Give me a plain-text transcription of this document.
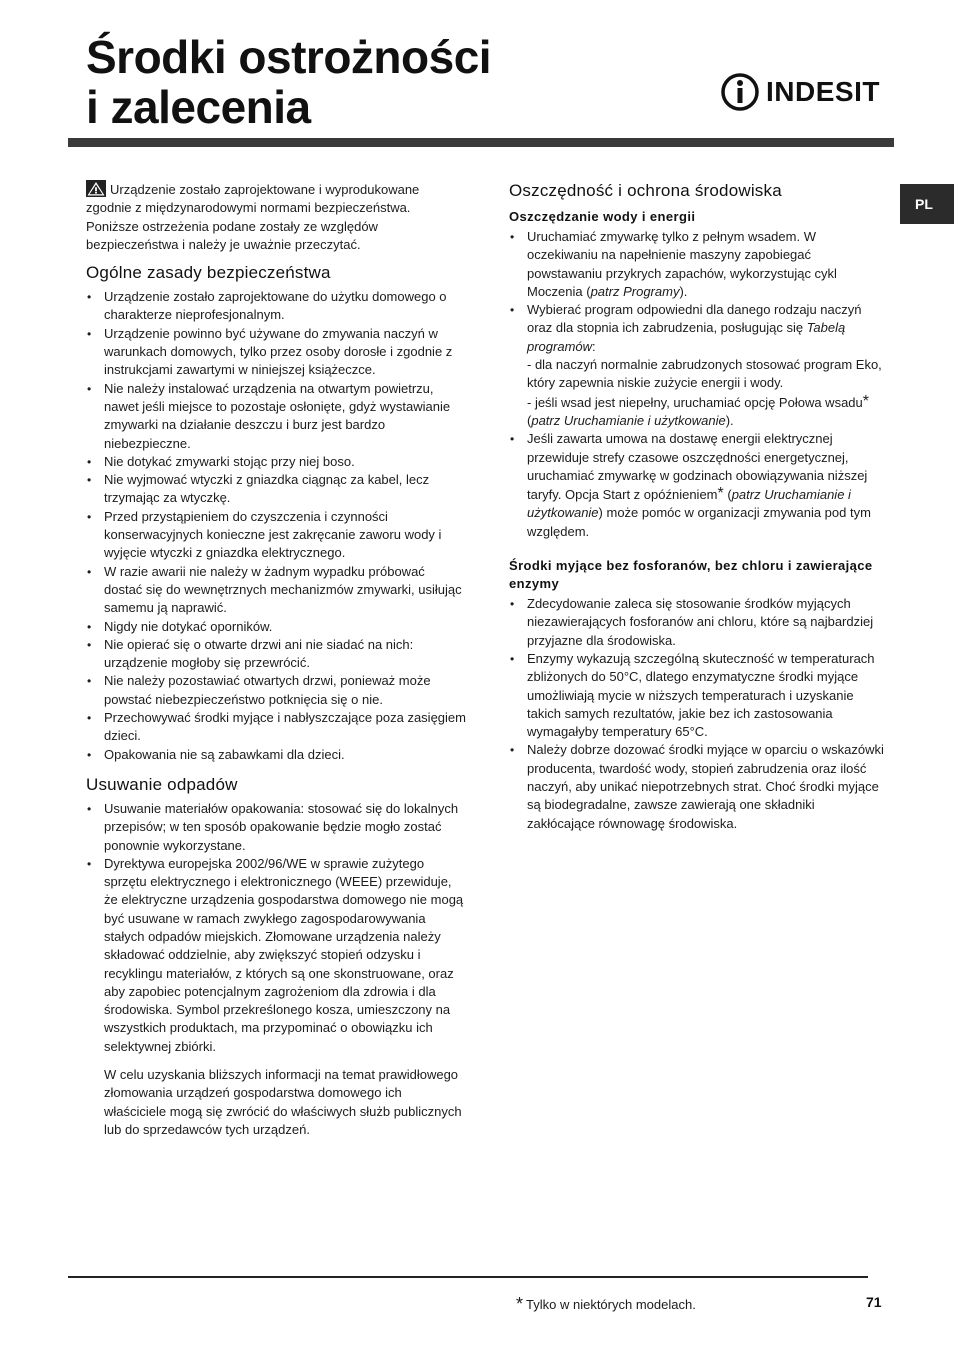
Środki ostrożności
i zalecenia	INDESIT
PL

Urządzenie zostało zaprojektowane i wyprodukowane zgodnie z międzynarodowymi normami bezpieczeństwa. Poniższe ostrzeżenia podane zostały ze względów bezpieczeństwa i należy je uważnie przeczytać.

Ogólne zasady bezpieczeństwa
• Urządzenie zostało zaprojektowane do użytku domowego o charakterze nieprofesjonalnym.
• Urządzenie powinno być używane do zmywania naczyń w warunkach domowych, tylko przez osoby dorosłe i zgodnie z instrukcjami zawartymi w niniejszej książeczce.
• Nie należy instalować urządzenia na otwartym powietrzu, nawet jeśli miejsce to pozostaje osłonięte, gdyż wystawianie zmywarki na działanie deszczu i burz jest bardzo niebezpieczne.
• Nie dotykać zmywarki stojąc przy niej boso.
• Nie wyjmować wtyczki z gniazdka ciągnąc za kabel, lecz trzymając za wtyczkę.
• Przed przystąpieniem do czyszczenia i czynności konserwacyjnych konieczne jest zakręcanie zaworu wody i wyjęcie wtyczki z gniazdka elektrycznego.
• W razie awarii nie należy w żadnym wypadku próbować dostać się do wewnętrznych mechanizmów zmywarki, usiłując samemu ją naprawić.
• Nigdy nie dotykać oporników.
• Nie opierać się o otwarte drzwi ani nie siadać na nich: urządzenie mogłoby się przewrócić.
• Nie należy pozostawiać otwartych drzwi, ponieważ może powstać niebezpieczeństwo potknięcia się o nie.
• Przechowywać środki myjące i nabłyszczające poza zasięgiem dzieci.
• Opakowania nie są zabawkami dla dzieci.
Usuwanie odpadów
• Usuwanie materiałów opakowania: stosować się do lokalnych przepisów; w ten sposób opakowanie będzie mogło zostać ponownie wykorzystane.
• Dyrektywa europejska 2002/96/WE w sprawie zużytego sprzętu elektrycznego i elektronicznego (WEEE) przewiduje, że elektryczne urządzenia gospodarstwa domowego nie mogą być usuwane w ramach zwykłego zagospodarowywania stałych odpadów miejskich. Złomowane urządzenia należy składować oddzielnie, aby zwiększyć stopień odzysku i recyklingu materiałów, z których są one skonstruowane, oraz aby zapobiec potencjalnym zagrożeniom dla zdrowia i dla środowiska. Symbol przekreślonego kosza, umieszczony na wszystkich produktach, ma przypominać o obowiązku ich selektywnej zbiórki.

W celu uzyskania bliższych informacji na temat prawidłowego złomowania urządzeń gospodarstwa domowego ich właściciele mogą się zwrócić do właściwych służb publicznych lub do sprzedawców tych urządzeń.

Oszczędność i ochrona środowiska
Oszczędzanie wody i energii
• Uruchamiać zmywarkę tylko z pełnym wsadem. W oczekiwaniu na napełnienie maszyny zapobiegać powstawaniu przykrych zapachów, wykorzystując cykl Moczenia (patrz Programy).
• Wybierać program odpowiedni dla danego rodzaju naczyń oraz dla stopnia ich zabrudzenia, posługując się Tabelą programów:
- dla naczyń normalnie zabrudzonych stosować program Eko, który zapewnia niskie zużycie energii i wody.
- jeśli wsad jest niepełny, uruchamiać opcję Połowa wsadu*
(patrz Uruchamianie i użytkowanie).
• Jeśli zawarta umowa na dostawę energii elektrycznej przewiduje strefy czasowe oszczędności energetycznej, uruchamiać zmywarkę w godzinach obowiązywania niższej taryfy. Opcja Start z opóźnieniem* (patrz Uruchamianie i użytkowanie) może pomóc w organizacji zmywania pod tym względem.
Środki myjące bez fosforanów, bez chloru i zawierające enzymy
• Zdecydowanie zaleca się stosowanie środków myjących niezawierających fosforanów ani chloru, które są najbardziej przyjazne dla środowiska.
• Enzymy wykazują szczególną skuteczność w temperaturach zbliżonych do 50°C, dlatego enzymatyczne środki myjące umożliwiają mycie w niższych temperaturach i uzyskanie takich samych rezultatów, jakie bez ich zastosowania wymagałyby temperatury 65°C.
• Należy dobrze dozować środki myjące w oparciu o wskazówki producenta, twardość wody, stopień zabrudzenia oraz ilość naczyń, aby unikać niepotrzebnych strat. Choć środki myjące są biodegradalne, zawsze zawierają one składniki zakłócające równowagę środowiska.
* Tylko w niektórych modelach.	71
